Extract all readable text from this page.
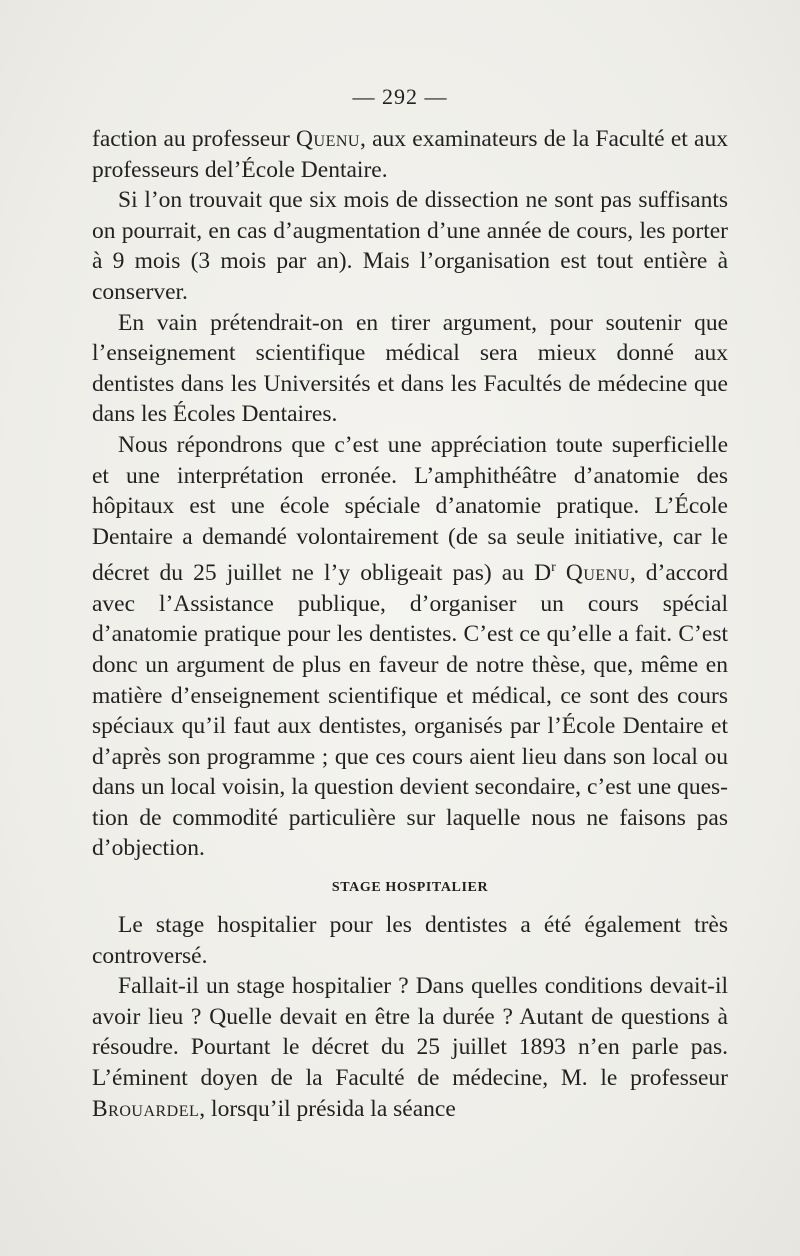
— 292 —

faction au professeur Quenu, aux examinateurs de la Faculté et aux professeurs del’École Dentaire.

Si l’on trouvait que six mois de dissection ne sont pas suffisants on pourrait, en cas d’augmentation d’une année de cours, les porter à 9 mois (3 mois par an). Mais l’organisation est tout entière à conserver.

En vain prétendrait-on en tirer argument, pour soutenir que l’enseignement scientifique médical sera mieux donné aux dentistes dans les Universités et dans les Facultés de médecine que dans les Écoles Dentaires.

Nous répondrons que c’est une appréciation toute superficielle et une interprétation erronée. L’amphithéâtre d’anatomie des hôpitaux est une école spéciale d’anatomie pratique. L’École Dentaire a demandé volontairement (de sa seule initiative, car le décret du 25 juillet ne l’y obligeait pas) au $D^r$ Quenu, d’accord avec l’Assistance publique, d’organiser un cours spécial d’anatomie pratique pour les dentistes. C’est ce qu’elle a fait. C’est donc un argument de plus en faveur de notre thèse, que, même en matière d’enseignement scientifique et médical, ce sont des cours spéciaux qu’il faut aux dentistes, organisés par l’École Dentaire et d’après son programme ; que ces cours aient lieu dans son local ou dans un local voisin, la question devient secondaire, c’est une question de commodité particulière sur laquelle nous ne faisons pas d’objection.

STAGE HOSPITALIER

Le stage hospitalier pour les dentistes a été également très controversé.

Fallait-il un stage hospitalier ? Dans quelles conditions devait-il avoir lieu ? Quelle devait en être la durée ? Autant de questions à résoudre. Pourtant le décret du 25 juillet 1893 n’en parle pas. L’éminent doyen de la Faculté de médecine, M. le professeur Brouardel, lorsqu’il présida la séance
